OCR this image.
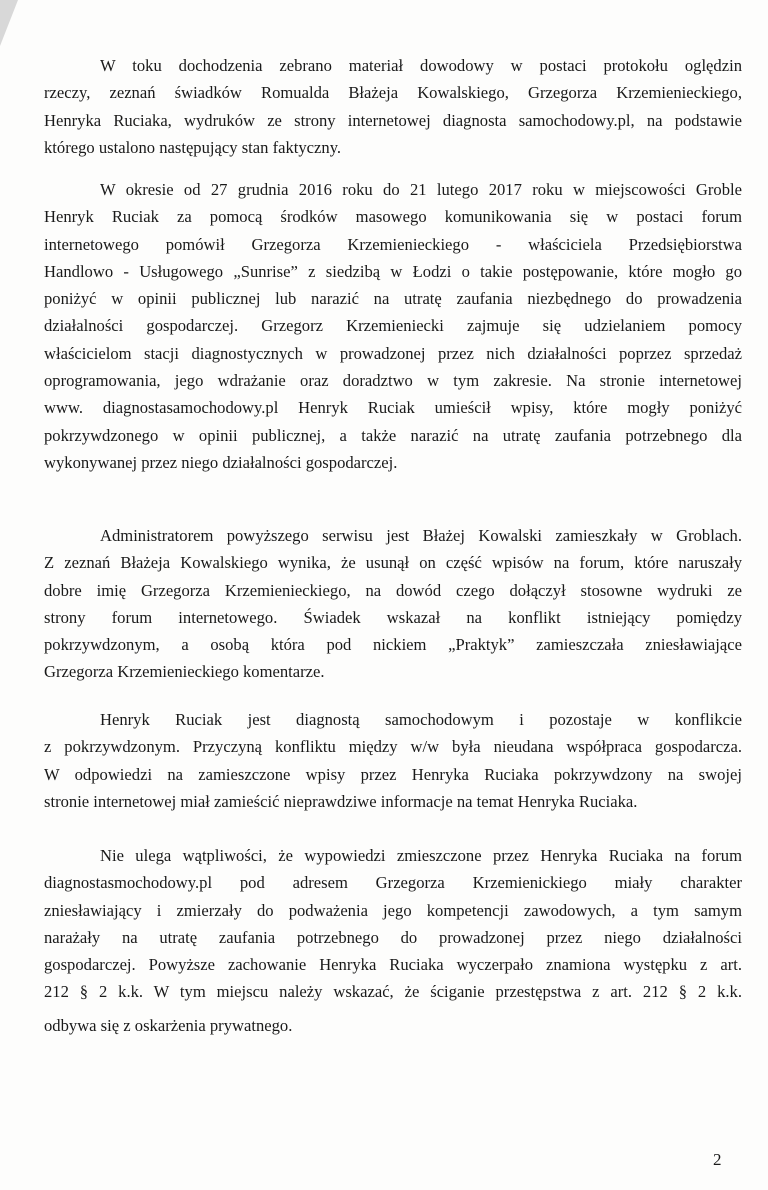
W toku dochodzenia zebrano materiał dowodowy w postaci protokołu oględzin
rzeczy, zeznań świadków Romualda Błażeja Kowalskiego, Grzegorza Krzemienieckiego,
Henryka Ruciaka, wydruków ze strony internetowej diagnosta samochodowy.pl, na podstawie
którego ustalono następujący stan faktyczny.
W okresie od 27 grudnia 2016 roku do 21 lutego 2017 roku w miejscowości Groble
Henryk Ruciak za pomocą środków masowego komunikowania się w postaci forum
internetowego pomówił Grzegorza Krzemienieckiego - właściciela Przedsiębiorstwa
Handlowo - Usługowego „Sunrise” z siedzibą w Łodzi o takie postępowanie, które mogło go
poniżyć w opinii publicznej lub narazić na utratę zaufania niezbędnego do prowadzenia
działalności gospodarczej. Grzegorz Krzemieniecki zajmuje się udzielaniem pomocy
właścicielom stacji diagnostycznych w prowadzonej przez nich działalności poprzez sprzedaż
oprogramowania, jego wdrażanie oraz doradztwo w tym zakresie. Na stronie internetowej
www. diagnostasamochodowy.pl Henryk Ruciak umieścił wpisy, które mogły poniżyć
pokrzywdzonego w opinii publicznej, a także narazić na utratę zaufania potrzebnego dla
wykonywanej przez niego działalności gospodarczej.
Administratorem powyższego serwisu jest Błażej Kowalski zamieszkały w Groblach.
Z zeznań Błażeja Kowalskiego wynika, że usunął on część wpisów na forum, które naruszały
dobre imię Grzegorza Krzemienieckiego, na dowód czego dołączył stosowne wydruki ze
strony forum internetowego. Świadek wskazał na konflikt istniejący pomiędzy
pokrzywdzonym, a osobą która pod nickiem „Praktyk” zamieszczała zniesławiające
Grzegorza Krzemienieckiego komentarze.
Henryk Ruciak jest diagnostą samochodowym i pozostaje w konflikcie
z pokrzywdzonym. Przyczyną konfliktu między w/w była nieudana współpraca gospodarcza.
W odpowiedzi na zamieszczone wpisy przez Henryka Ruciaka pokrzywdzony na swojej
stronie internetowej miał zamieścić nieprawdziwe informacje na temat Henryka Ruciaka.
Nie ulega wątpliwości, że wypowiedzi zmieszczone przez Henryka Ruciaka na forum
diagnostasmochodowy.pl pod adresem Grzegorza Krzemienickiego miały charakter
zniesławiający i zmierzały do podważenia jego kompetencji zawodowych, a tym samym
narażały na utratę zaufania potrzebnego do prowadzonej przez niego działalności
gospodarczej. Powyższe zachowanie Henryka Ruciaka wyczerpało znamiona występku z art.
212 § 2 k.k. W tym miejscu należy wskazać, że ściganie przestępstwa z art. 212 § 2 k.k.
odbywa się z oskarżenia prywatnego.
2
